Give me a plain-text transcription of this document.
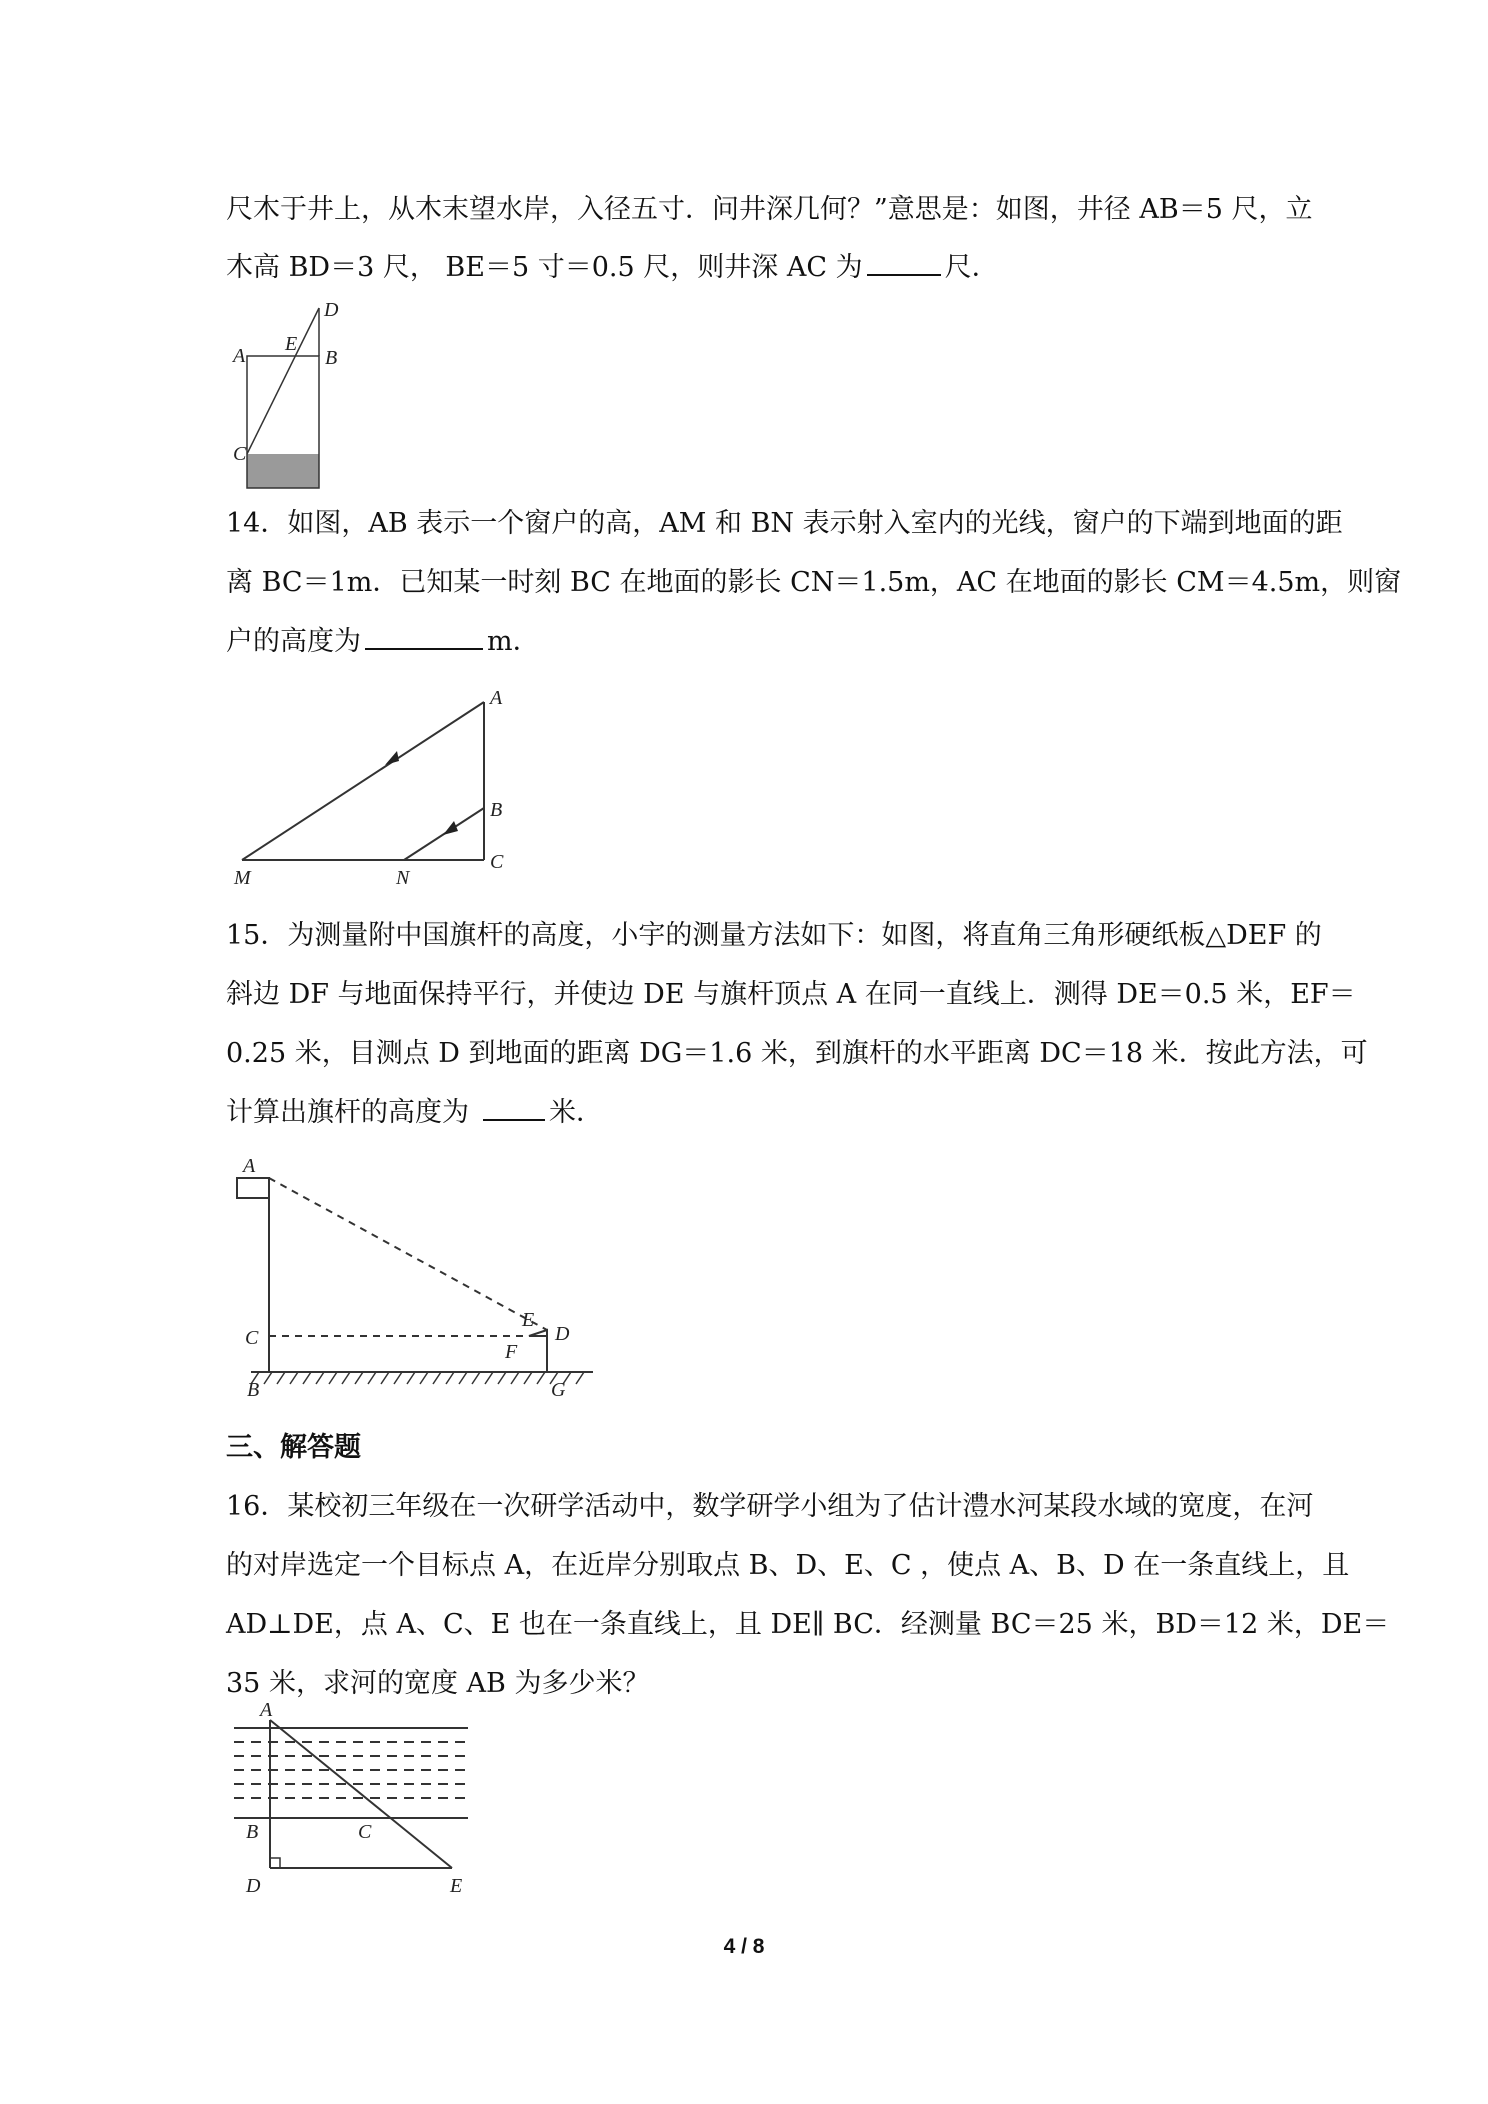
尺木于井上，从木末望水岸，入径五寸．问井深几何？”意思是：如图，井径 AB＝5 尺，立
木高 BD＝3 尺， BE＝5 寸＝0.5 尺，则井深 AC 为	尺．
A
E
B
D
C
14．如图，AB 表示一个窗户的高，AM 和 BN 表示射入室内的光线，窗户的下端到地面的距
离 BC＝1m．已知某一时刻 BC 在地面的影长 CN＝1.5m，AC 在地面的影长 CM＝4.5m，则窗
户的高度为	m．
A
B
C
M	N
15．为测量附中国旗杆的高度，小宇的测量方法如下：如图，将直角三角形硬纸板△DEF 的
斜边 DF 与地面保持平行，并使边 DE 与旗杆顶点 A 在同一直线上．测得 DE＝0.5 米，EF＝
0.25 米，目测点 D 到地面的距离 DG＝1.6 米，到旗杆的水平距离 DC＝18 米．按此方法，可
计算出旗杆的高度为	米．
A
C
B
E
F
D
G
三、解答题
16．某校初三年级在一次研学活动中，数学研学小组为了估计澧水河某段水域的宽度，在河
的对岸选定一个目标点 A，在近岸分别取点 B、D、E、C ，使点 A、B、D 在一条直线上，且
AD⊥DE，点 A、C、E 也在一条直线上，且 DE∥ BC．经测量 BC＝25 米，BD＝12 米，DE＝
35 米，求河的宽度 AB 为多少米？
A
B	C
D	E
4 / 8
